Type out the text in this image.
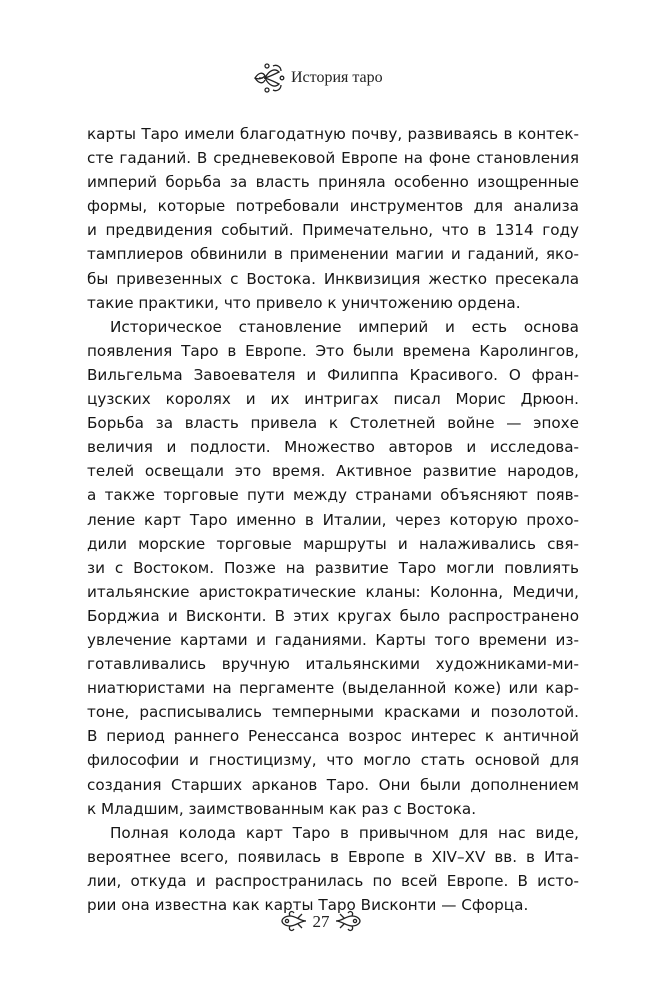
История таро

карты Таро имели благодатную почву, развиваясь в контек-
сте гаданий. В средневековой Европе на фоне становления
империй борьба за власть приняла особенно изощренные
формы, которые потребовали инструментов для анализа
и предвидения событий. Примечательно, что в 1314 году
тамплиеров обвинили в применении магии и гаданий, яко-
бы привезенных с Востока. Инквизиция жестко пресекала
такие практики, что привело к уничтожению ордена.

Историческое становление империй и есть основа
появления Таро в Европе. Это были времена Каролингов,
Вильгельма Завоевателя и Филиппа Красивого. О фран-
цузских королях и их интригах писал Морис Дрюон.
Борьба за власть привела к Столетней войне — эпохе
величия и подлости. Множество авторов и исследова-
телей освещали это время. Активное развитие народов,
а также торговые пути между странами объясняют появ-
ление карт Таро именно в Италии, через которую прохо-
дили морские торговые маршруты и налаживались свя-
зи с Востоком. Позже на развитие Таро могли повлиять
итальянские аристократические кланы: Колонна, Медичи,
Борджиа и Висконти. В этих кругах было распространено
увлечение картами и гаданиями. Карты того времени из-
готавливались вручную итальянскими художниками-ми-
ниатюристами на пергаменте (выделанной коже) или кар-
тоне, расписывались темперными красками и позолотой.
В период раннего Ренессанса возрос интерес к античной
философии и гностицизму, что могло стать основой для
создания Старших арканов Таро. Они были дополнением
к Младшим, заимствованным как раз с Востока.

Полная колода карт Таро в привычном для нас виде,
вероятнее всего, появилась в Европе в XIV–XV вв. в Ита-
лии, откуда и распространилась по всей Европе. В исто-
рии она известна как карты Таро Висконти — Сфорца.

27
